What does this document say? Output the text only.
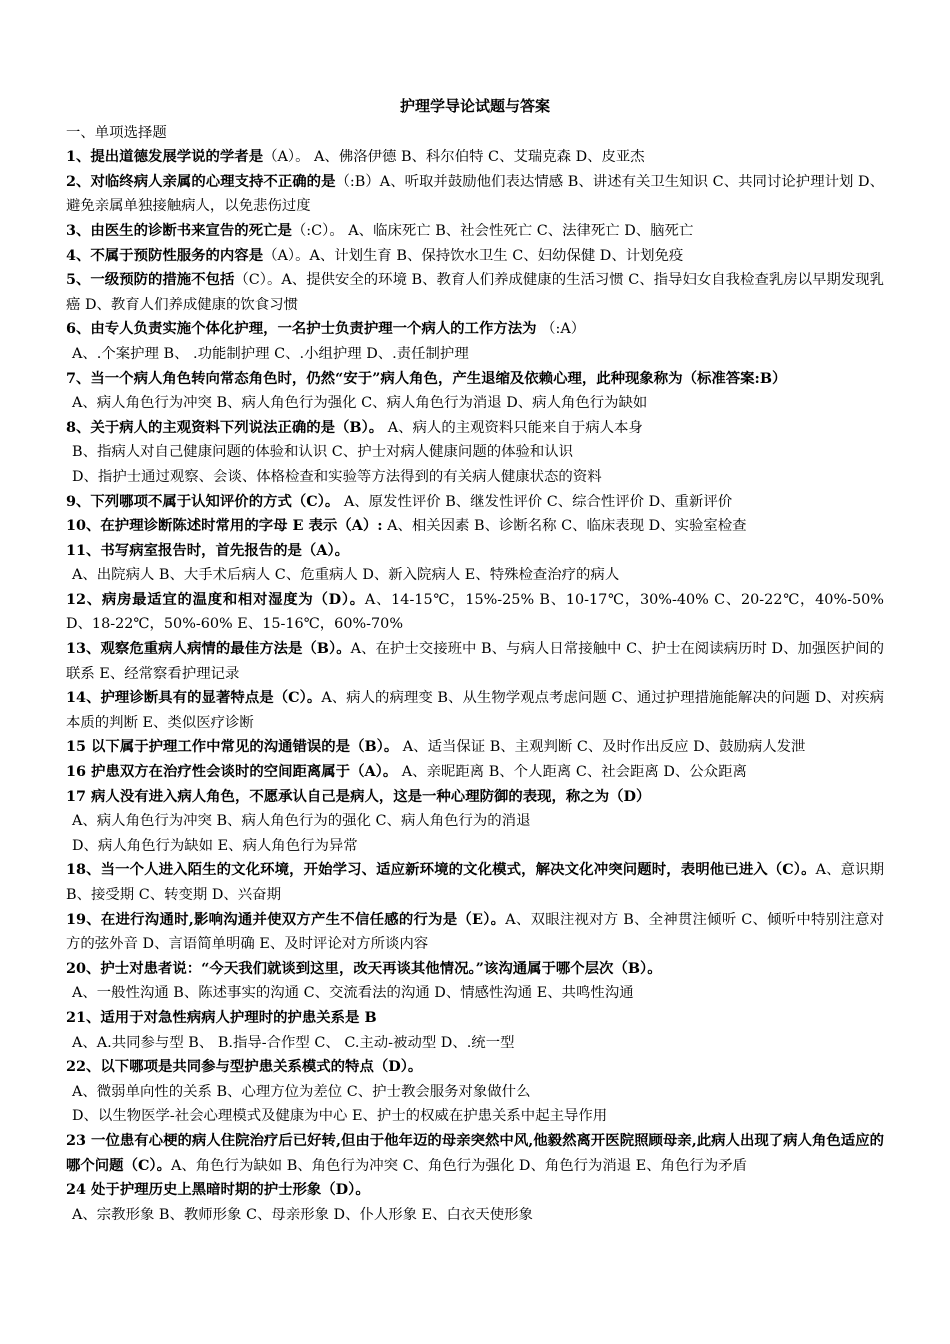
护理学导论试题与答案
一、单项选择题
1、提出道德发展学说的学者是（A）。 A、佛洛伊德 B、科尔伯特 C、艾瑞克森 D、皮亚杰
2、对临终病人亲属的心理支持不正确的是（:B）A、听取并鼓励他们表达情感 B、讲述有关卫生知识 C、共同讨论护理计划 D、避免亲属单独接触病人，以免悲伤过度
3、由医生的诊断书来宣告的死亡是（:C）。 A、临床死亡 B、社会性死亡 C、法律死亡 D、脑死亡
4、不属于预防性服务的内容是（A）。A、计划生育 B、保持饮水卫生 C、妇幼保健 D、计划免疫
5、一级预防的措施不包括（C）。A、提供安全的环境 B、教育人们养成健康的生活习惯 C、指导妇女自我检查乳房以早期发现乳癌 D、教育人们养成健康的饮食习惯
6、由专人负责实施个体化护理，一名护士负责护理一个病人的工作方法为 （:A）
A、.个案护理 B、 .功能制护理 C、.小组护理 D、.责任制护理
7、当一个病人角色转向常态角色时，仍然“安于”病人角色，产生退缩及依赖心理，此种现象称为（标准答案:B）
A、病人角色行为冲突 B、病人角色行为强化 C、病人角色行为消退 D、病人角色行为缺如
8、关于病人的主观资料下列说法正确的是（B）。 A、病人的主观资料只能来自于病人本身
B、指病人对自己健康问题的体验和认识 C、护士对病人健康问题的体验和认识
D、指护士通过观察、会谈、体格检查和实验等方法得到的有关病人健康状态的资料
9、下列哪项不属于认知评价的方式（C）。 A、原发性评价 B、继发性评价 C、综合性评价 D、重新评价
10、在护理诊断陈述时常用的字母 E 表示（A）: A、相关因素 B、诊断名称 C、临床表现 D、实验室检查
11、书写病室报告时，首先报告的是（A）。
A、出院病人 B、大手术后病人 C、危重病人 D、新入院病人 E、特殊检查治疗的病人
12、病房最适宜的温度和相对湿度为（D）。A、14-15℃，15%-25% B、10-17℃，30%-40% C、20-22℃，40%-50% D、18-22℃，50%-60% E、15-16℃，60%-70%
13、观察危重病人病情的最佳方法是（B）。A、在护士交接班中 B、与病人日常接触中 C、护士在阅读病历时 D、加强医护间的联系 E、经常察看护理记录
14、护理诊断具有的显著特点是（C）。A、病人的病理变 B、从生物学观点考虑问题 C、通过护理措施能解决的问题 D、对疾病本质的判断 E、类似医疗诊断
15 以下属于护理工作中常见的沟通错误的是（B）。 A、适当保证 B、主观判断 C、及时作出反应 D、鼓励病人发泄
16 护患双方在治疗性会谈时的空间距离属于（A）。 A、亲昵距离 B、个人距离 C、社会距离 D、公众距离
17 病人没有进入病人角色，不愿承认自己是病人，这是一种心理防御的表现，称之为（D）
A、病人角色行为冲突 B、病人角色行为的强化 C、病人角色行为的消退
D、病人角色行为缺如 E、病人角色行为异常
18、当一个人进入陌生的文化环境，开始学习、适应新环境的文化模式，解决文化冲突问题时，表明他已进入（C）。A、意识期 B、接受期 C、转变期 D、兴奋期
19、在进行沟通时,影响沟通并使双方产生不信任感的行为是（E）。A、双眼注视对方 B、全神贯注倾听 C、倾听中特别注意对方的弦外音 D、言语简单明确 E、及时评论对方所谈内容
20、护士对患者说：“今天我们就谈到这里，改天再谈其他情况。”该沟通属于哪个层次（B）。
A、一般性沟通 B、陈述事实的沟通 C、交流看法的沟通 D、情感性沟通 E、共鸣性沟通
21、适用于对急性病病人护理时的护患关系是 B
A、A.共同参与型 B、 B.指导-合作型 C、 C.主动-被动型 D、.统一型
22、以下哪项是共同参与型护患关系模式的特点（D）。
A、微弱单向性的关系 B、心理方位为差位 C、护士教会服务对象做什么
D、以生物医学-社会心理模式及健康为中心 E、护士的权威在护患关系中起主导作用
23 一位患有心梗的病人住院治疗后已好转,但由于他年迈的母亲突然中风,他毅然离开医院照顾母亲,此病人出现了病人角色适应的哪个问题（C）。A、角色行为缺如 B、角色行为冲突 C、角色行为强化 D、角色行为消退 E、角色行为矛盾
24 处于护理历史上黑暗时期的护士形象（D）。
A、宗教形象 B、教师形象 C、母亲形象 D、仆人形象 E、白衣天使形象
